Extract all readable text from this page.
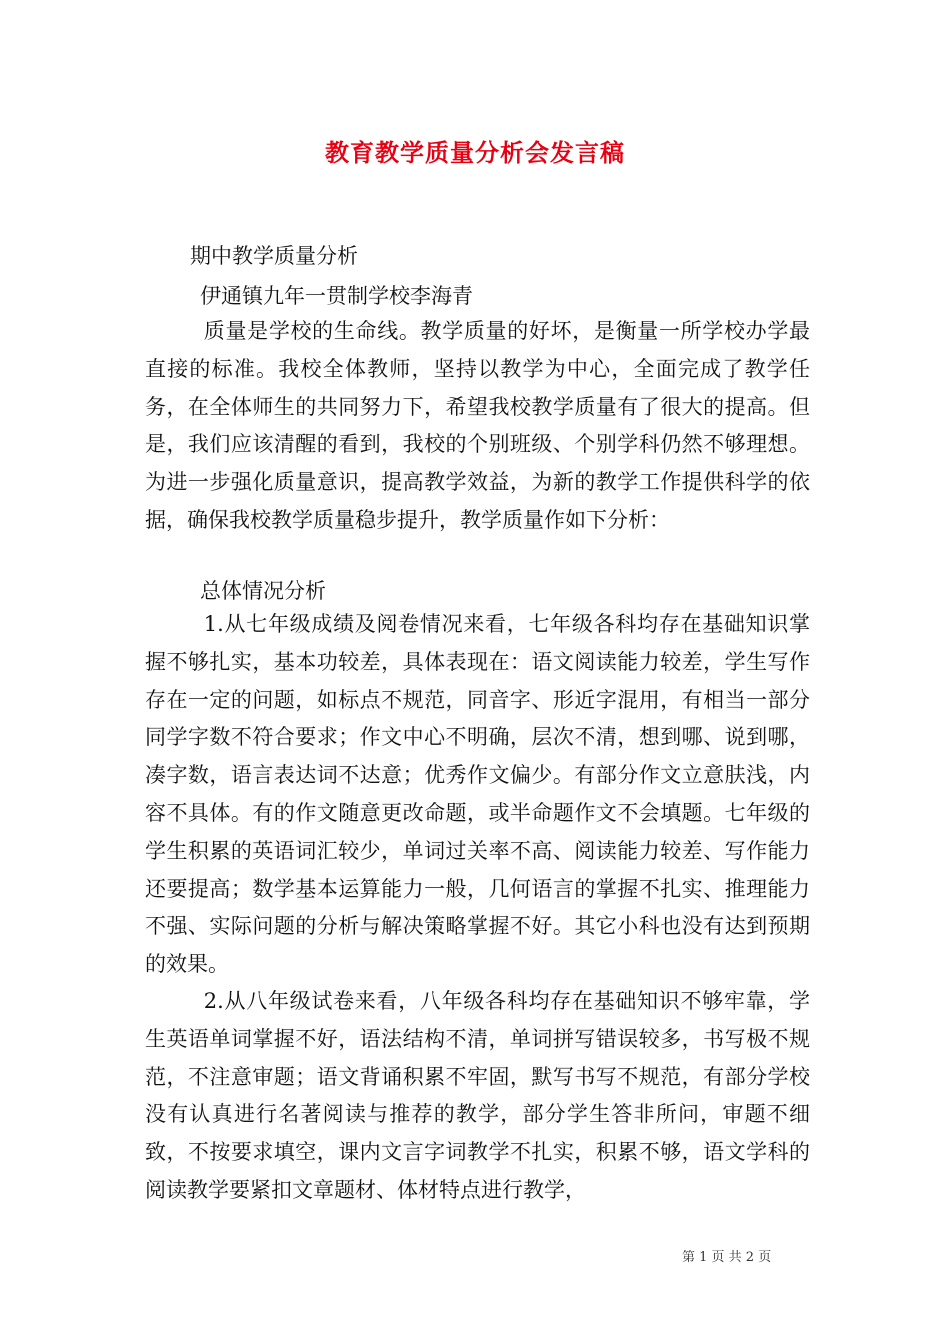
教育教学质量分析会发言稿
期中教学质量分析
伊通镇九年一贯制学校李海青
质量是学校的生命线。教学质量的好坏，是衡量一所学校办学最直接的标准。我校全体教师，坚持以教学为中心，全面完成了教学任务，在全体师生的共同努力下，希望我校教学质量有了很大的提高。但是，我们应该清醒的看到，我校的个别班级、个别学科仍然不够理想。为进一步强化质量意识，提高教学效益，为新的教学工作提供科学的依据，确保我校教学质量稳步提升，教学质量作如下分析：
总体情况分析
1.从七年级成绩及阅卷情况来看，七年级各科均存在基础知识掌握不够扎实，基本功较差，具体表现在：语文阅读能力较差，学生写作存在一定的问题，如标点不规范，同音字、形近字混用，有相当一部分同学字数不符合要求；作文中心不明确，层次不清，想到哪、说到哪，凑字数，语言表达词不达意；优秀作文偏少。有部分作文立意肤浅，内容不具体。有的作文随意更改命题，或半命题作文不会填题。七年级的学生积累的英语词汇较少，单词过关率不高、阅读能力较差、写作能力还要提高；数学基本运算能力一般，几何语言的掌握不扎实、推理能力不强、实际问题的分析与解决策略掌握不好。其它小科也没有达到预期的效果。
2.从八年级试卷来看，八年级各科均存在基础知识不够牢靠，学生英语单词掌握不好，语法结构不清，单词拼写错误较多，书写极不规范，不注意审题；语文背诵积累不牢固，默写书写不规范，有部分学校没有认真进行名著阅读与推荐的教学，部分学生答非所问，审题不细致，不按要求填空，课内文言字词教学不扎实，积累不够，语文学科的阅读教学要紧扣文章题材、体材特点进行教学，
第 1 页 共 2 页
